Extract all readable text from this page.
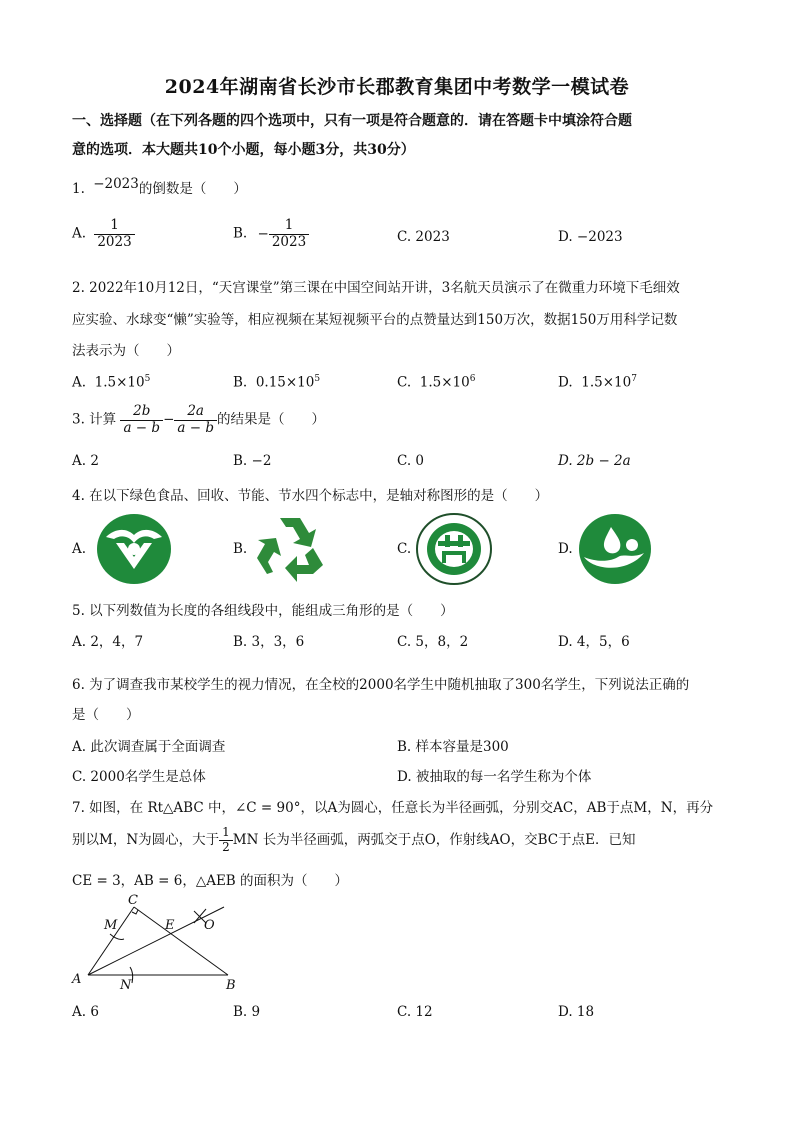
2024年湖南省长沙市长郡教育集团中考数学一模试卷
一、选择题（在下列各题的四个选项中，只有一项是符合题意的．请在答题卡中填涂符合题
意的选项．本大题共10个小题，每小题3分，共30分）
1. −2023的倒数是（　　）
A. $\frac{1}{2023}$	B. − $\frac{1}{2023}$	C. 2023	D. −2023
2. 2022年10月12日，“天宫课堂”第三课在中国空间站开讲，3名航天员演示了在微重力环境下毛细效
应实验、水球变“懒”实验等，相应视频在某短视频平台的点赞量达到150万次，数据150万用科学记数
法表示为（　　）
A. $1.5\times 10^5$	B. $0.15\times 10^5$	C. $1.5\times 10^6$	D. $1.5\times 10^7$
3. 计算 $\frac{2b}{a - b} - \frac{2a}{a - b}$ 的结果是（　　）
A. 2	B. −2	C. 0	D. 2b − 2a
4. 在以下绿色食品、回收、节能、节水四个标志中，是轴对称图形的是（　　）
A.	B.	C.	D.
5. 以下列数值为长度的各组线段中，能组成三角形的是（　　）
A. 2，4，7	B. 3，3，6	C. 5，8，2	D. 4，5，6
6. 为了调查我市某校学生的视力情况，在全校的2000名学生中随机抽取了300名学生，下列说法正确的
是（　　）
A. 此次调查属于全面调查	B. 样本容量是300
C. 2000名学生是总体	D. 被抽取的每一名学生称为个体
7. 如图，在 Rt△ABC 中，∠C = 90°，以A为圆心，任意长为半径画弧，分别交AC，AB于点M，N，再分
别以M，N为圆心，大于 $\frac{1}{2}$ MN 长为半径画弧，两弧交于点O，作射线AO，交BC于点E．已知
CE = 3，AB = 6，△AEB 的面积为（　　）
C
M	E O
A	N	B
A. 6	B. 9	C. 12	D. 18
